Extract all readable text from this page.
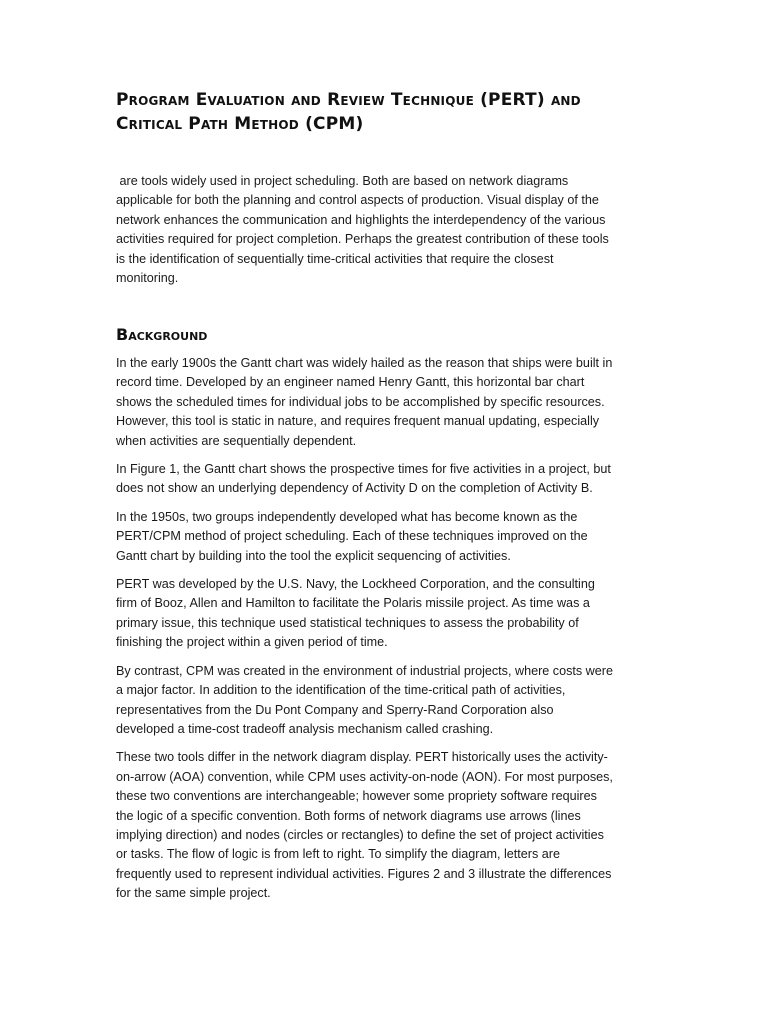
Program Evaluation and Review Technique (PERT) and
Critical Path Method (CPM)

are tools widely used in project scheduling. Both are based on network diagrams
applicable for both the planning and control aspects of production. Visual display of the
network enhances the communication and highlights the interdependency of the various
activities required for project completion. Perhaps the greatest contribution of these tools
is the identification of sequentially time-critical activities that require the closest
monitoring.

Background

In the early 1900s the Gantt chart was widely hailed as the reason that ships were built in
record time. Developed by an engineer named Henry Gantt, this horizontal bar chart
shows the scheduled times for individual jobs to be accomplished by specific resources.
However, this tool is static in nature, and requires frequent manual updating, especially
when activities are sequentially dependent.

In Figure 1, the Gantt chart shows the prospective times for five activities in a project, but
does not show an underlying dependency of Activity D on the completion of Activity B.

In the 1950s, two groups independently developed what has become known as the
PERT/CPM method of project scheduling. Each of these techniques improved on the
Gantt chart by building into the tool the explicit sequencing of activities.

PERT was developed by the U.S. Navy, the Lockheed Corporation, and the consulting
firm of Booz, Allen and Hamilton to facilitate the Polaris missile project. As time was a
primary issue, this technique used statistical techniques to assess the probability of
finishing the project within a given period of time.

By contrast, CPM was created in the environment of industrial projects, where costs were
a major factor. In addition to the identification of the time-critical path of activities,
representatives from the Du Pont Company and Sperry-Rand Corporation also
developed a time-cost tradeoff analysis mechanism called crashing.

These two tools differ in the network diagram display. PERT historically uses the activity-
on-arrow (AOA) convention, while CPM uses activity-on-node (AON). For most purposes,
these two conventions are interchangeable; however some propriety software requires
the logic of a specific convention. Both forms of network diagrams use arrows (lines
implying direction) and nodes (circles or rectangles) to define the set of project activities
or tasks. The flow of logic is from left to right. To simplify the diagram, letters are
frequently used to represent individual activities. Figures 2 and 3 illustrate the differences
for the same simple project.
